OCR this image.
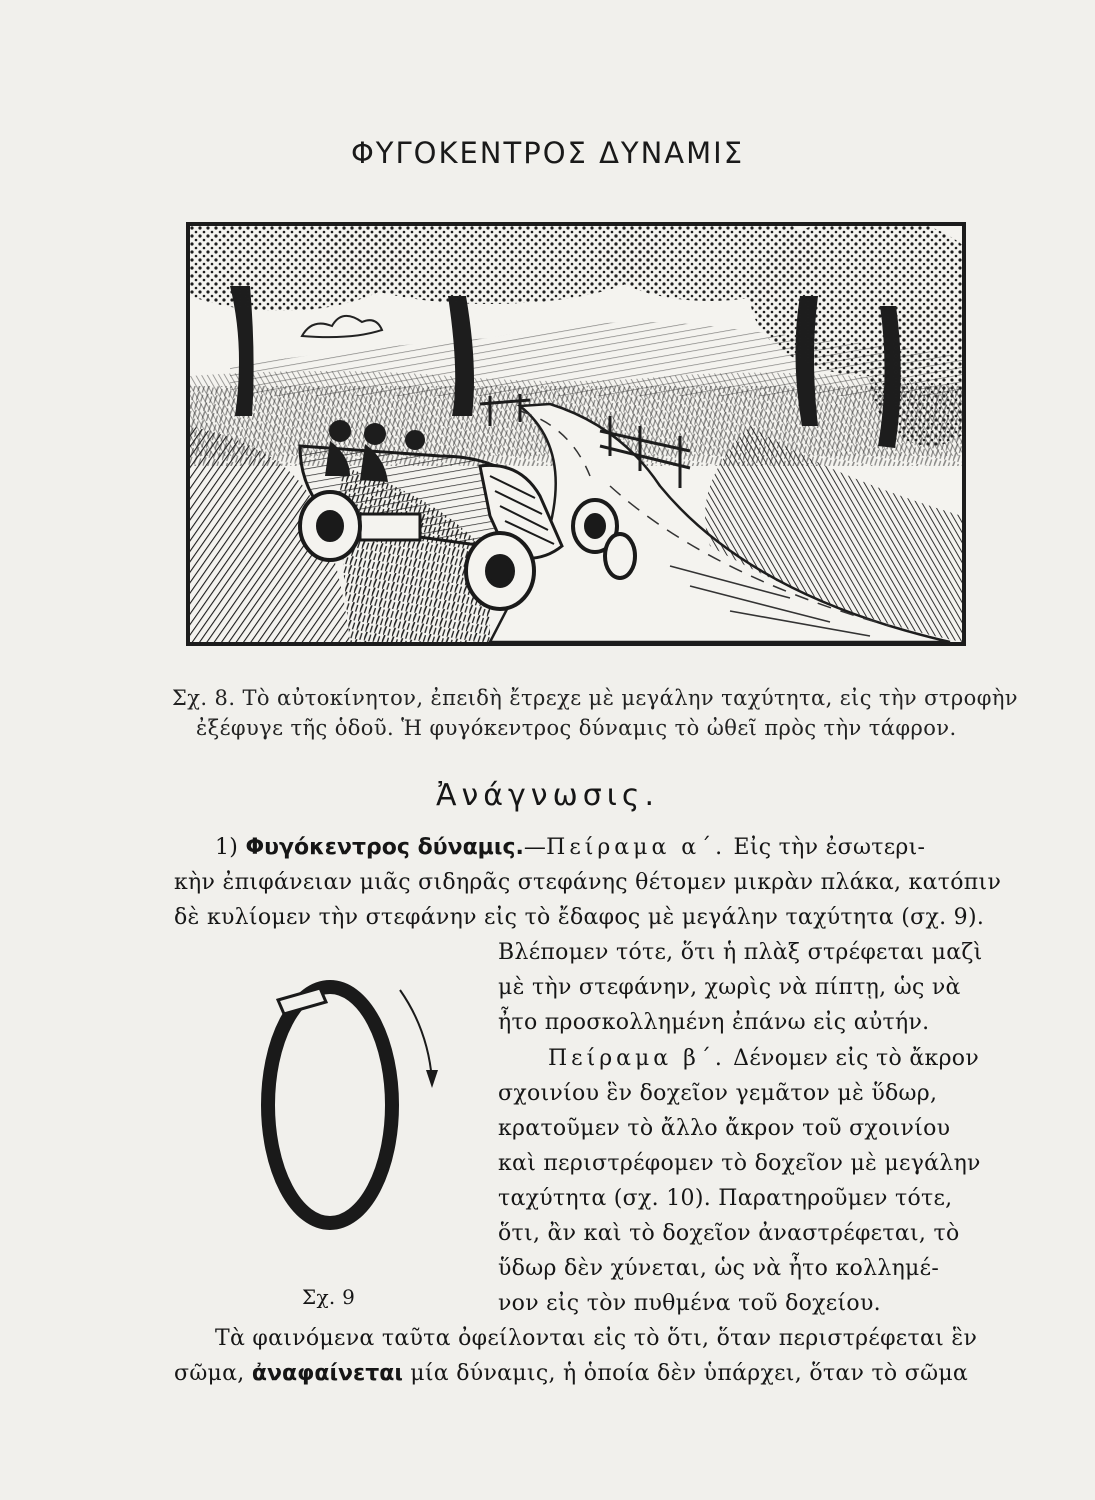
ΦΥΓΟΚΕΝΤΡΟΣ ΔΥΝΑΜΙΣ
Σχ. 8. Τὸ αὐτοκίνητον, ἐπειδὴ ἔτρεχε μὲ μεγάλην ταχύτητα, εἰς τὴν στροφὴν
ἐξέφυγε τῆς ὁδοῦ. Ἡ φυγόκεντρος δύναμις τὸ ὠθεῖ πρὸς τὴν τάφρον.
Ἀνάγνωσις.
1) Φυγόκεντρος δύναμις.—Πείραμα α΄. Εἰς τὴν ἐσωτερι-
κὴν ἐπιφάνειαν μιᾶς σιδηρᾶς στεφάνης θέτομεν μικρὰν πλάκα, κατόπιν
δὲ κυλίομεν τὴν στεφάνην εἰς τὸ ἔδαφος μὲ μεγάλην ταχύτητα (σχ. 9).
Βλέπομεν τότε, ὅτι ἡ πλὰξ στρέφεται μαζὶ
μὲ τὴν στεφάνην, χωρὶς νὰ πίπτῃ, ὡς νὰ
ἦτο προσκολλημένη ἐπάνω εἰς αὐτήν.
Σχ. 9
Πείραμα β΄. Δένομεν εἰς τὸ ἄκρον
σχοινίου ἓν δοχεῖον γεμᾶτον μὲ ὕδωρ,
κρατοῦμεν τὸ ἄλλο ἄκρον τοῦ σχοινίου
καὶ περιστρέφομεν τὸ δοχεῖον μὲ μεγάλην
ταχύτητα (σχ. 10). Παρατηροῦμεν τότε,
ὅτι, ἂν καὶ τὸ δοχεῖον ἀναστρέφεται, τὸ
ὕδωρ δὲν χύνεται, ὡς νὰ ἦτο κολλημέ-
νον εἰς τὸν πυθμένα τοῦ δοχείου.
Τὰ φαινόμενα ταῦτα ὀφείλονται εἰς τὸ ὅτι, ὅταν περιστρέφεται ἓν
σῶμα, ἀναφαίνεται μία δύναμις, ἡ ὁποία δὲν ὑπάρχει, ὅταν τὸ σῶμα
